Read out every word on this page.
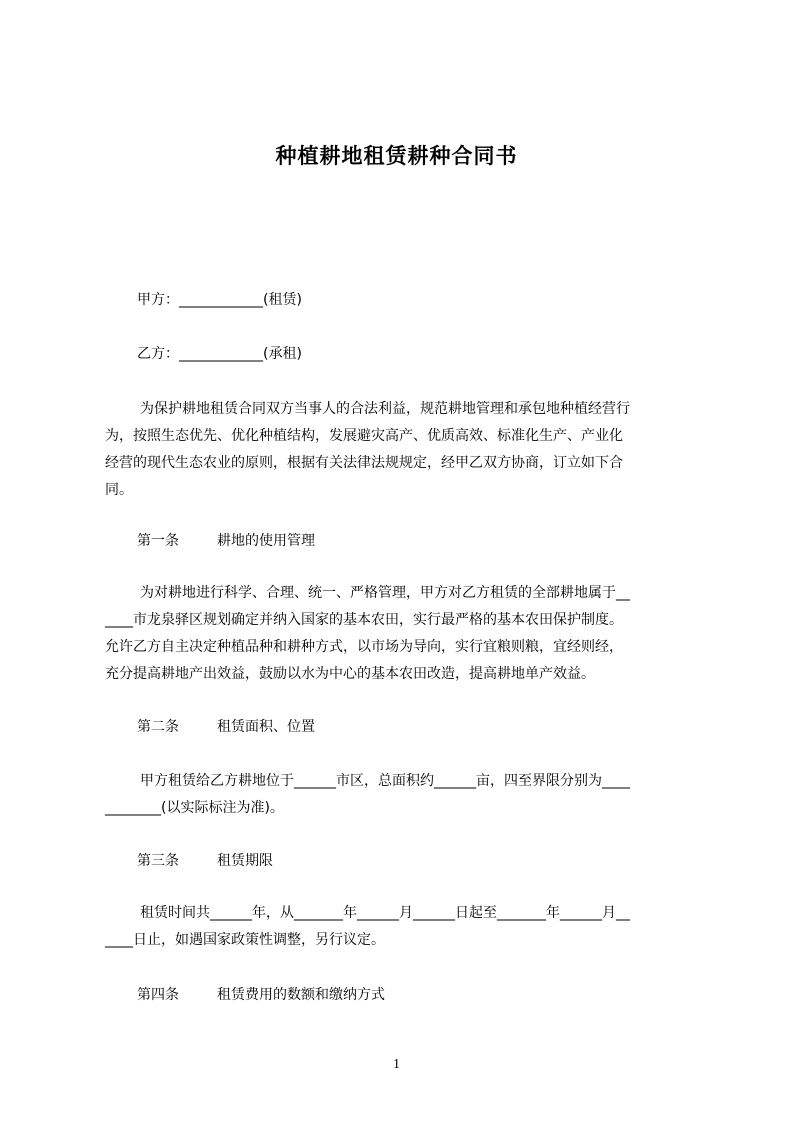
种植耕地租赁耕种合同书
甲方：____________(租赁)
乙方：____________(承租)
为保护耕地租赁合同双方当事人的合法利益，规范耕地管理和承包地种植经营行
为，按照生态优先、优化种植结构，发展避灾高产、优质高效、标准化生产、产业化
经营的现代生态农业的原则，根据有关法律法规规定，经甲乙双方协商，订立如下合
同。
第一条	耕地的使用管理
为对耕地进行科学、合理、统一、严格管理，甲方对乙方租赁的全部耕地属于__
____市龙泉驿区规划确定并纳入国家的基本农田，实行最严格的基本农田保护制度。
允许乙方自主决定种植品种和耕种方式，以市场为导向，实行宜粮则粮，宜经则经，
充分提高耕地产出效益，鼓励以水为中心的基本农田改造，提高耕地单产效益。
第二条	租赁面积、位置
甲方租赁给乙方耕地位于______市区，总面积约______亩，四至界限分别为____
________(以实际标注为准)。
第三条	租赁期限
租赁时间共______年，从_______年______月______日起至_______年______月__
____日止，如遇国家政策性调整，另行议定。
第四条	租赁费用的数额和缴纳方式
1
